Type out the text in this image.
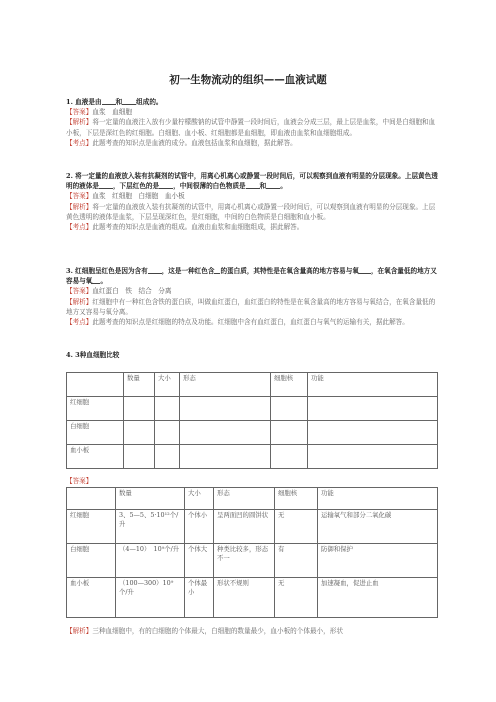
初一生物流动的组织——血液试题
1. 血液是由 和 组成的。
【答案】血浆　血细胞
【解析】将一定量的血液注入放有少量柠檬酸钠的试管中静置一段时间后，血液会分成三层，最上层是血浆，中间是白细胞和血小板，下层是深红色的红细胞。白细胞、血小板、红细胞都是血细胞，即血液由血浆和血细胞组成。
【考点】此题考查的知识点是血液的成分。血液包括血浆和血细胞，据此解答。
2. 将一定量的血液放入装有抗凝剂的试管中，用离心机离心或静置一段时间后，可以观察到血液有明显的分层现象。上层黄色透明的液体是 ，下层红色的是 ，中间很薄的白色物质是 和 。
【答案】血浆　红细胞　白细胞　血小板
【解析】将一定量的血液放入装有抗凝剂的试管中，用离心机离心或静置一段时间后，可以观察到血液有明显的分层现象。上层黄色透明的液体是血浆，下层呈现深红色，是红细胞，中间的白色物质是白细胞和血小板。
【考点】此题考查的知识点是血液的组成。血液由血浆和血细胞组成，据此解答。
3. 红细胞呈红色是因为含有 ，这是一种红色含 的蛋白质，其特性是在氧含量高的地方容易与氧 ，在氧含量低的地方又容易与氧 。
【答案】血红蛋白　铁　结合　分离
【解析】红细胞中有一种红色含铁的蛋白质，叫做血红蛋白，血红蛋白的特性是在氧含量高的地方容易与氧结合，在氧含量低的地方又容易与氧分离。
【考点】此题考查的知识点是红细胞的特点及功能。红细胞中含有血红蛋白，血红蛋白与氧气的运输有关，据此解答。
4. 3种血细胞比较
	数量	大小	形态	细胞核	功能
红细胞					
白细胞					
血小板					
【答案】
	数量	大小	形态	细胞核	功能
红细胞	3、5—5、5·10¹²个/升	个体小	呈两面凹的圆饼状	无	运输氧气和部分二氧化碳
白细胞	（4—10）　10⁹个/升	个体大	种类比较多，形态不一	有	防御和保护
血小板	（100—300）10⁹个/升	个体最小	形状不规则	无	加速凝血，促进止血
【解析】三种血细胞中，有的白细胞的个体最大，白细胞的数量最少，血小板的个体最小，形状
